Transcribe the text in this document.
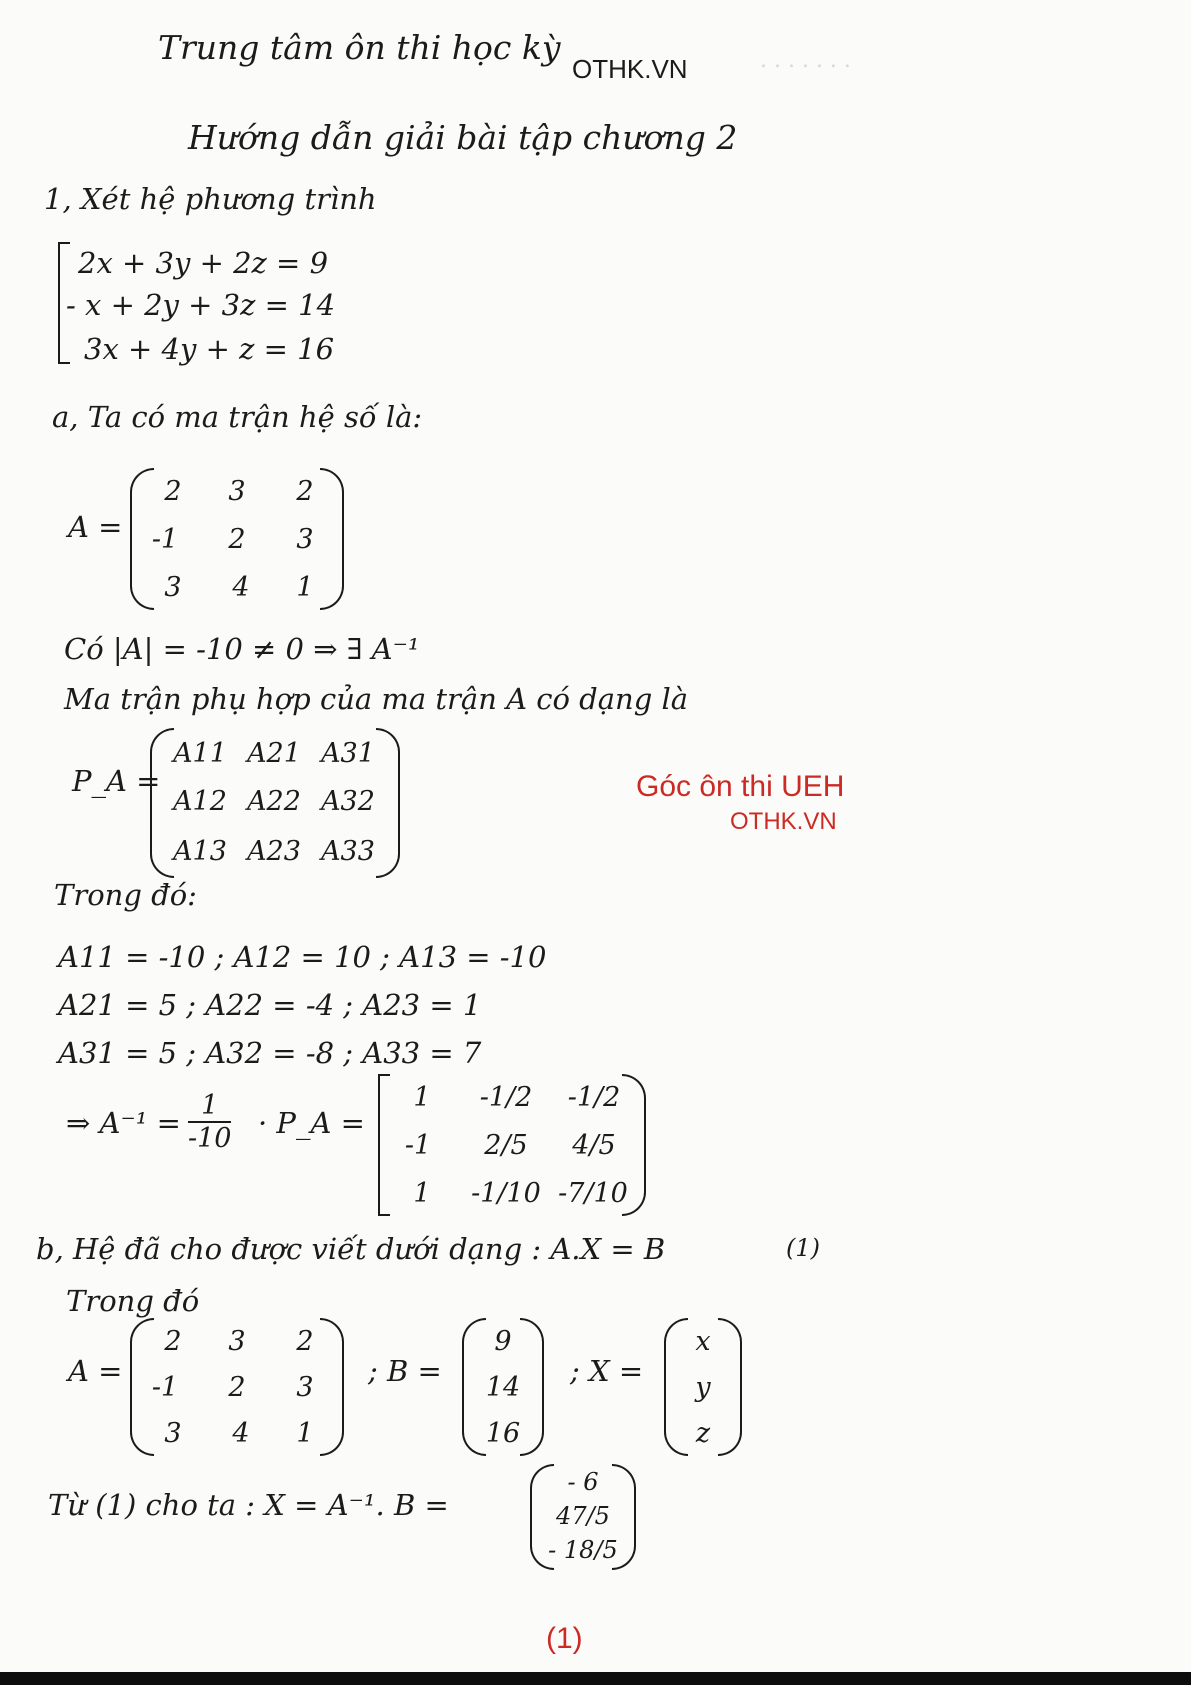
. . . . . . .
Trung tâm ôn thi học kỳ
OTHK.VN
Hướng dẫn giải bài tập chương 2
1, Xét hệ phương trình
2x + 3y + 2z = 9
- x + 2y + 3z = 14
3x + 4y + z = 16
a, Ta có ma trận hệ số là:
A =
2	3	2
-1	2	3
3	4	1
Có |A| = -10 ≠ 0 ⇒ ∃ A⁻¹
Ma trận phụ hợp của ma trận A có dạng là
P_A =
A11 A21 A31
A12 A22 A32
A13 A23 A33
Góc ôn thi UEH
OTHK.VN
Trong đó:
A11 = -10 ; A12 = 10 ; A13 = -10
A21 = 5 ; A22 = -4 ; A23 = 1
A31 = 5 ; A32 = -8 ; A33 = 7
⇒ $A^{-1} = \frac{1}{-10}$ · P_A =
1	-1/2	-1/2
-1	2/5	4/5
1	-1/10 -7/10
b, Hệ đã cho được viết dưới dạng : A.X = B	(1)
Trong đó
A =
2	3	2
-1	2	3
3	4	1
; B =
9
14
16
; X =
x
y
z
Từ (1) cho ta : X = A⁻¹. B =
- 6
47/5
- 18/5
(1)
